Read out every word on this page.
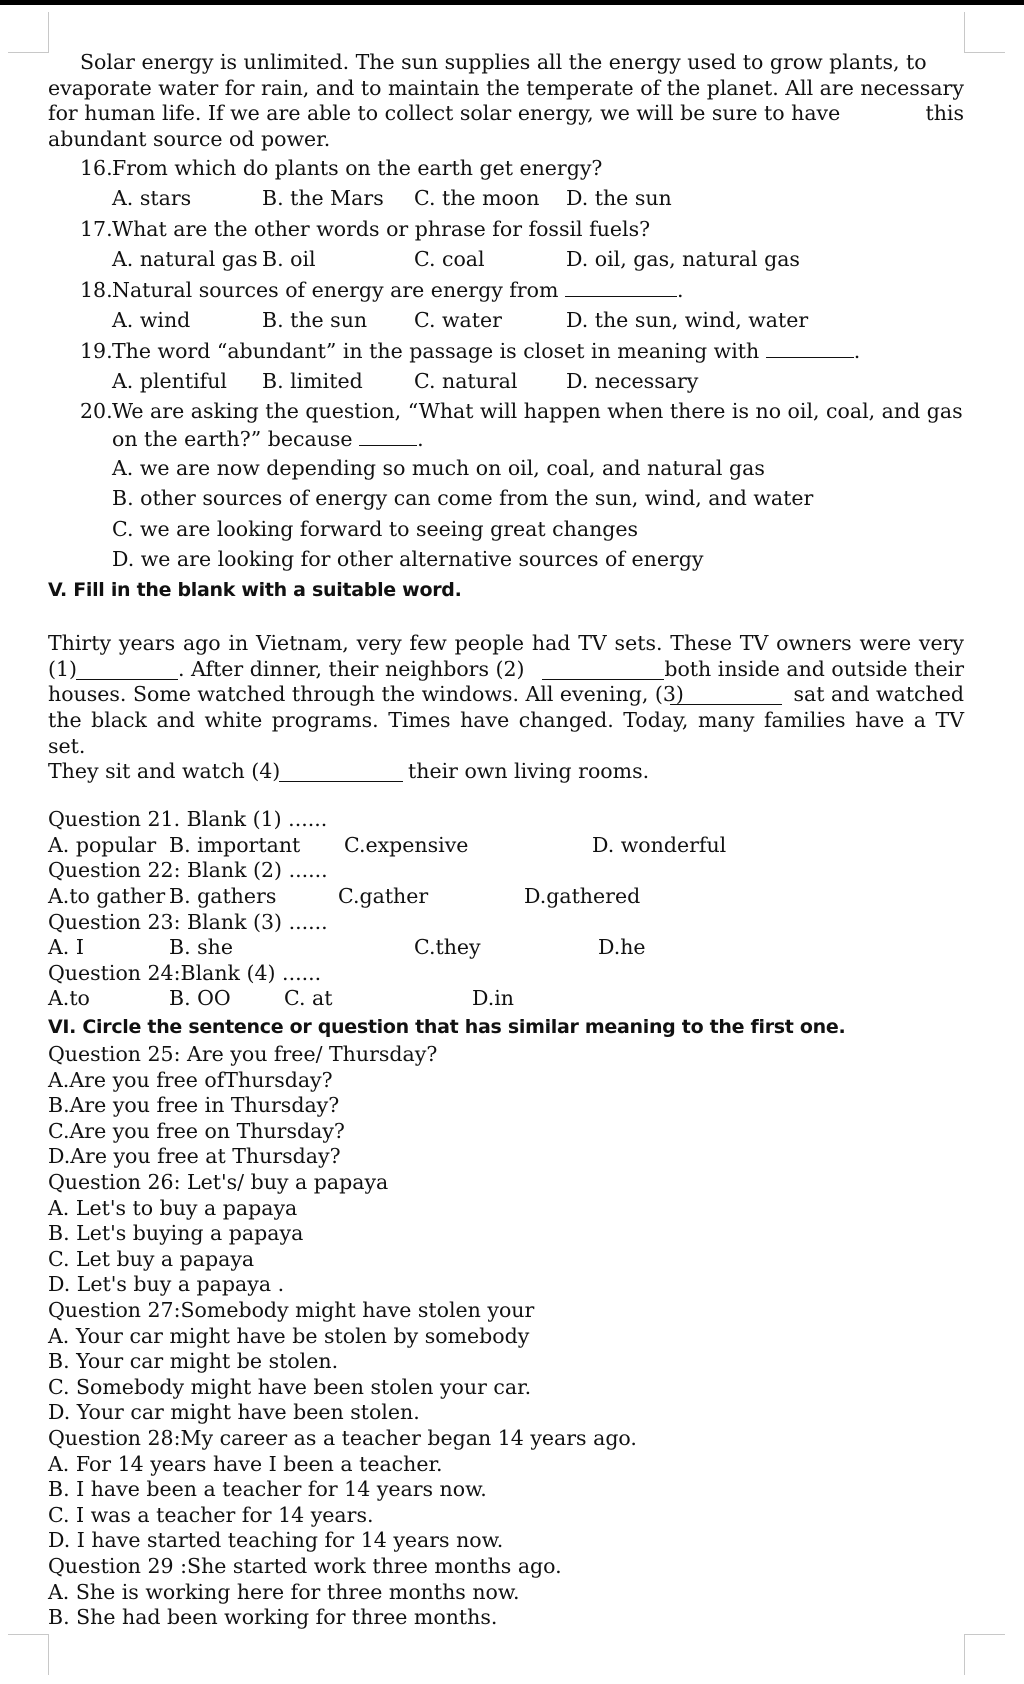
Solar energy is unlimited. The sun supplies all the energy used to grow plants, to
evaporate water for rain, and to maintain the temperate of the planet. All are necessary
for human life. If we are able to collect solar energy, we will be sure to have	this
abundant source od power.
16.From which do plants on the earth get energy?
A. stars	B. the Mars C. the moon D. the sun
17.What are the other words or phrase for fossil fuels?
A. natural gas B. oil	C. coal	D. oil, gas, natural gas
18.Natural sources of energy are energy from	.
A. wind	B. the sun C. water	D. the sun, wind, water
19.The word “abundant” in the passage is closet in meaning with	.
A. plentiful B. limited	C. natural D. necessary
20.We are asking the question, “What will happen when there is no oil, coal, and gas
on the earth?” because	.
A. we are now depending so much on oil, coal, and natural gas
B. other sources of energy can come from the sun, wind, and water
C. we are looking forward to seeing great changes
D. we are looking for other alternative sources of energy
V. Fill in the blank with a suitable word.
Thirty years ago in Vietnam, very few people had TV sets. These TV owners were very
(1)	. After dinner, their neighbors (2)	both inside and outside their
houses. Some watched through the windows. All evening, (3)	sat and watched
the black and white programs. Times have changed. Today, many families have a TV set.
They sit and watch (4)	their own living rooms.
Question 21. Blank (1) ......
A. popular B. important C.expensive	D. wonderful
Question 22: Blank (2) ......
A.to gather B. gathers	C.gather	D.gathered
Question 23: Blank (3) ......
A. I	B. she	C.they	D.he
Question 24:Blank (4) ......
A.to	B. OO	C. at	D.in
VI. Circle the sentence or question that has similar meaning to the first one.
Question 25: Are you free/ Thursday?
A.Are you free ofThursday?
B.Are you free in Thursday?
C.Are you free on Thursday?
D.Are you free at Thursday?
Question 26: Let's/ buy a papaya
A. Let's to buy a papaya
B. Let's buying a papaya
C. Let buy a papaya
D. Let's buy a papaya .
Question 27:Somebody might have stolen your
A. Your car might have be stolen by somebody
B. Your car might be stolen.
C. Somebody might have been stolen your car.
D. Your car might have been stolen.
Question 28:My career as a teacher began 14 years ago.
A. For 14 years have I been a teacher.
B. I have been a teacher for 14 years now.
C. I was a teacher for 14 years.
D. I have started teaching for 14 years now.
Question 29 :She started work three months ago.
A. She is working here for three months now.
B. She had been working for three months.
